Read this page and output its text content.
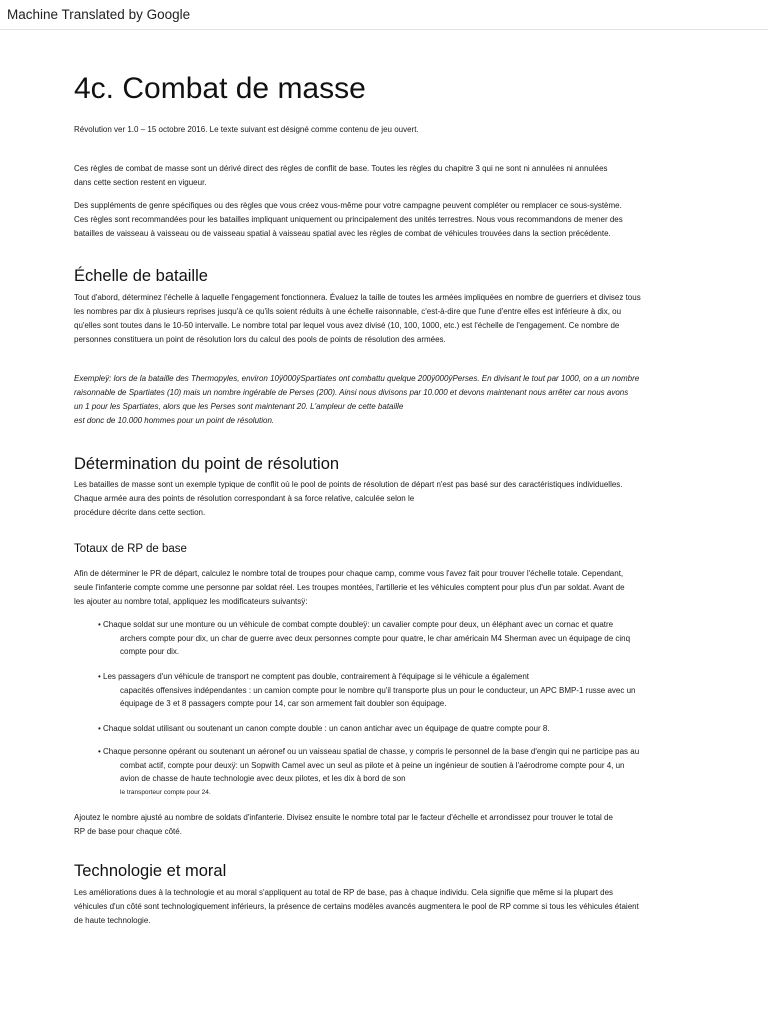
Machine Translated by Google
4c. Combat de masse
Révolution ver 1.0 – 15 octobre 2016. Le texte suivant est désigné comme contenu de jeu ouvert.

Ces règles de combat de masse sont un dérivé direct des règles de conflit de base. Toutes les règles du chapitre 3 qui ne sont ni annulées ni annulées

dans cette section restent en vigueur.

Des suppléments de genre spécifiques ou des règles que vous créez vous-même pour votre campagne peuvent compléter ou remplacer ce sous-système.

Ces règles sont recommandées pour les batailles impliquant uniquement ou principalement des unités terrestres. Nous vous recommandons de mener des

batailles de vaisseau à vaisseau ou de vaisseau spatial à vaisseau spatial avec les règles de combat de véhicules trouvées dans la section précédente.

Échelle de bataille

Tout d'abord, déterminez l'échelle à laquelle l'engagement fonctionnera. Évaluez la taille de toutes les armées impliquées en nombre de guerriers et divisez tous

les nombres par dix à plusieurs reprises jusqu'à ce qu'ils soient réduits à une échelle raisonnable, c'est-à-dire que l'une d'entre elles est inférieure à dix, ou

qu'elles sont toutes dans le 10-50 intervalle. Le nombre total par lequel vous avez divisé (10, 100, 1000, etc.) est l'échelle de l'engagement. Ce nombre de

personnes constituera un point de résolution lors du calcul des pools de points de résolution des armées.

Exempleÿ: lors de la bataille des Thermopyles, environ 10ÿ000ÿSpartiates ont combattu quelque 200ÿ000ÿPerses. En divisant le tout par 1000, on a un nombre

raisonnable de Spartiates (10) mais un nombre ingérable de Perses (200). Ainsi nous divisons par 10.000 et devons maintenant nous arrêter car nous avons

un 1 pour les Spartiates, alors que les Perses sont maintenant 20. L'ampleur de cette bataille

est donc de 10.000 hommes pour un point de résolution.

Détermination du point de résolution

Les batailles de masse sont un exemple typique de conflit où le pool de points de résolution de départ n'est pas basé sur des caractéristiques individuelles.

Chaque armée aura des points de résolution correspondant à sa force relative, calculée selon le

procédure décrite dans cette section.

Totaux de RP de base

Afin de déterminer le PR de départ, calculez le nombre total de troupes pour chaque camp, comme vous l'avez fait pour trouver l'échelle totale. Cependant,

seule l'infanterie compte comme une personne par soldat réel. Les troupes montées, l'artillerie et les véhicules comptent pour plus d'un par soldat. Avant de

les ajouter au nombre total, appliquez les modificateurs suivantsÿ:

• Chaque soldat sur une monture ou un véhicule de combat compte doubleÿ: un cavalier compte pour deux, un éléphant avec un cornac et quatre
archers compte pour dix, un char de guerre avec deux personnes compte pour quatre, le char américain M4 Sherman avec un équipage de cinq
compte pour dix.
• Les passagers d'un véhicule de transport ne comptent pas double, contrairement à l'équipage si le véhicule a également
capacités offensives indépendantes : un camion compte pour le nombre qu'il transporte plus un pour le conducteur, un APC BMP-1 russe avec un
équipage de 3 et 8 passagers compte pour 14, car son armement fait doubler son équipage.
• Chaque soldat utilisant ou soutenant un canon compte double : un canon antichar avec un équipage de quatre compte pour 8.
• Chaque personne opérant ou soutenant un aéronef ou un vaisseau spatial de chasse, y compris le personnel de la base d'engin qui ne participe pas au
combat actif, compte pour deuxÿ: un Sopwith Camel avec un seul as pilote et à peine un ingénieur de soutien à l'aérodrome compte pour 4, un
avion de chasse de haute technologie avec deux pilotes, et les dix à bord de son
le transporteur compte pour 24.

Ajoutez le nombre ajusté au nombre de soldats d'infanterie. Divisez ensuite le nombre total par le facteur d'échelle et arrondissez pour trouver le total de

RP de base pour chaque côté.

Technologie et moral

Les améliorations dues à la technologie et au moral s'appliquent au total de RP de base, pas à chaque individu. Cela signifie que même si la plupart des

véhicules d'un côté sont technologiquement inférieurs, la présence de certains modèles avancés augmentera le pool de RP comme si tous les véhicules étaient

de haute technologie.
